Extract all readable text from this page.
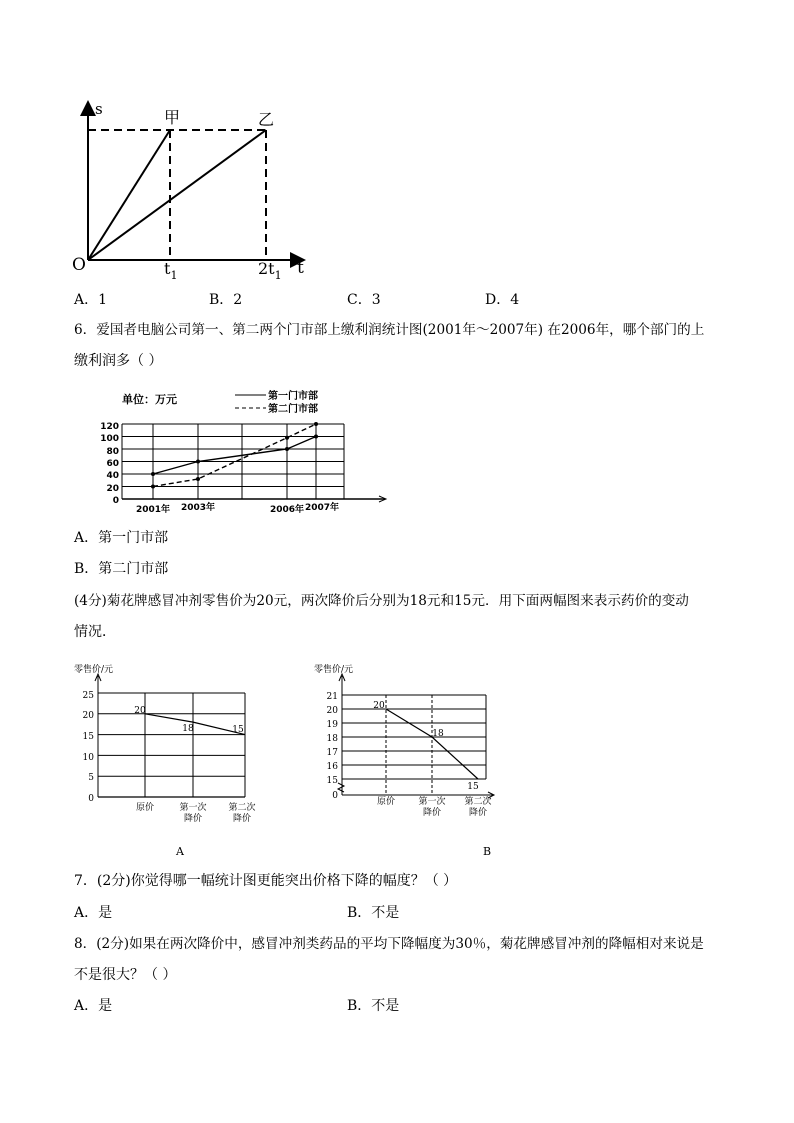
s
O	t
甲	乙
$t_1$	$2t_1$
A．1	B．2	C．3	D．4
6．爱国者电脑公司第一、第二两个门市部上缴利润统计图(2001年～2007年) 在2006年，哪个部门的上
缴利润多（ ）
单位：万元	第一门市部
第二门市部
120
100
80
60
40
20
0
2001年 2003年	2006年 2007年
A．第一门市部
B．第二门市部
(4分)菊花牌感冒冲剂零售价为20元，两次降价后分别为18元和15元．用下面两幅图来表示药价的变动
情况．
零售价/元
25
20
15
10
5
0
原价	第一次
降价
第二次
降价
20
18	15
A
零售价/元
21
20
19
18
17
16
15
0
原价	第一次
降价
第二次
降价
20
18
15
B
7．(2分)你觉得哪一幅统计图更能突出价格下降的幅度？（ ）
A．是	B．不是
8．(2分)如果在两次降价中，感冒冲剂类药品的平均下降幅度为30％，菊花牌感冒冲剂的降幅相对来说是
不是很大？（ ）
A．是	B．不是
